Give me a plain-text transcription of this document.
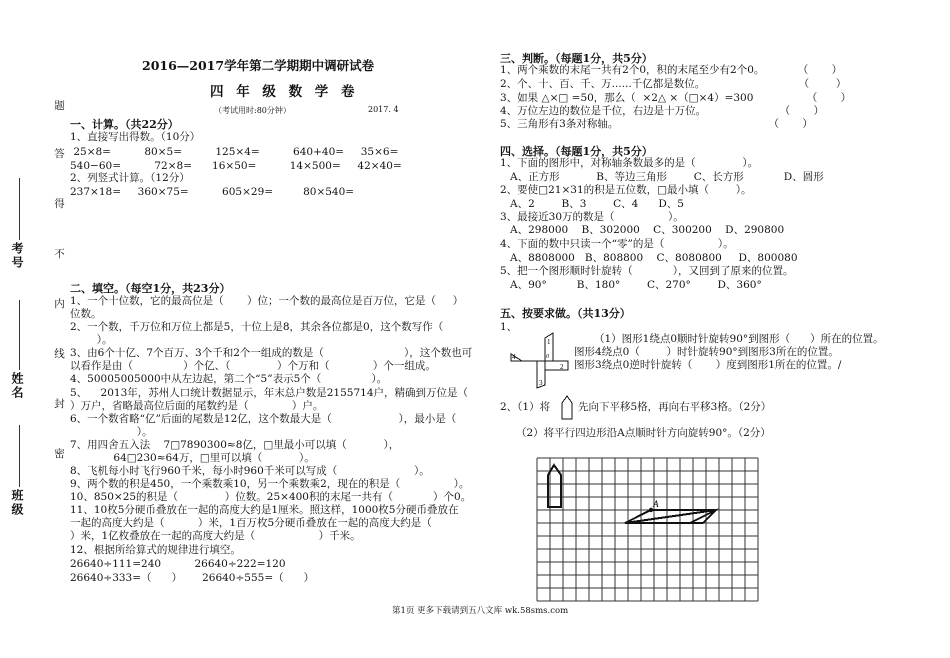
题
答
得
不
内
线
封
密
考号
姓名
班级
2016—2017学年第二学期期中调研试卷
四 年 级 数 学 卷
（考试用时:80分钟）	2017. 4
一、计算。（共22分）
1、直接写出得数。（10分）
25×8=          80×5=          125×4=          640+40=     35×6=
540−60=          72×8=      16×50=          14×500=     42×40=
2、列竖式计算。（12分）
237×18=     360×75=          605×29=         80×540=
二、填空。（每空1分，共23分）
1、一个十位数，它的最高位是（       ）位；一个数的最高位是百万位，它是（     ）
位数。
2、一个数，千万位和万位上都是5，十位上是8，其余各位都是0，这个数写作（
）。
3、由6个十亿、7个百万、3个千和2个一组成的数是（                        ），这个数也可
以看作是由（               ）个亿、（              ）个万和（             ）个一组成。
4、50005005000中从左边起，第二个“5”表示5个（               ）。
5、    2013年，苏州人口统计数据显示，年末总户数是2155714户，精确到万位是（
）万户，省略最高位后面的尾数约是（             ）户。
6、一个数省略“亿”后面的尾数是12亿，这个数最大是（                    ），最小是（
）。
7、用四舍五入法    7□7890300≈8亿，□里最小可以填（           ），
64□230≈64万，□里可以填（           ）。
8、飞机每小时飞行960千米，每小时960千米可以写成（                       ）。
9、两个数的积是450，一个乘数乘10，另一个乘数乘2，现在的积是（                ）。
10、850×25的积是（              ）位数。25×400积的末尾一共有（            ）个0。
11、10枚5分硬币叠放在一起的高度大约是1厘米。照这样，1000枚5分硬币叠放在
一起的高度大约是（          ）米，1百万枚5分硬币叠放在一起的高度大约是（
）米，1亿枚叠放在一起的高度大约是（                   ）千米。
12、根据所给算式的规律进行填空。
26640÷111=240          26640÷222=120
26640÷333=（      ）      26640÷555=（      ）
三、判断。（每题1分，共5分）
1、两个乘数的末尾一共有2个0，积的末尾至少有2个0。          （       ）
2、个、十、百、千、万......千亿都是数位。                            （        ）
3、如果 △×□ =50，那么（  ×2△ ×（□×4）=300                （       ）
4、万位左边的数位是千位，右边是十万位。                      （       ）
5、三角形有3条对称轴。                                             （       ）
四、选择。（每题1分，共5分）
1、下面的图形中，对称轴条数最多的是（              ）。
A、正方形           B、等边三角形        C、长方形            D、圆形
2、要使□21×31的积是五位数，□最小填（        ）。
A、2        B、3        C、4      D、5
3、最接近30万的数是（                ）。
A、298000    B、302000    C、300200    D、290800
4、下面的数中只读一个“零”的是（                ）。
A、8808000   B、808800    C、8080800     D、800080
5、把一个图形顺时针旋转（            ），又回到了原来的位置。
A、90°         B、180°        C、270°        D、360°
五、按要求做。（共13分）
1、
1
2
3
4	0
（1）图形1绕点0顺时针旋转90°到图形（      ）所在的位置。
图形4绕点0（        ）时针旋转90°到图形3所在的位置。
图形3绕点0逆时针旋转（       ）度到图形1所在的位置。/
2、（1）将	先向下平移5格，再向右平移3格。（2分）
（2）将平行四边形沿A点顺时针方向旋转90°。（2分）
A
第1页 更多下载请到五八文库 wk.58sms.com
